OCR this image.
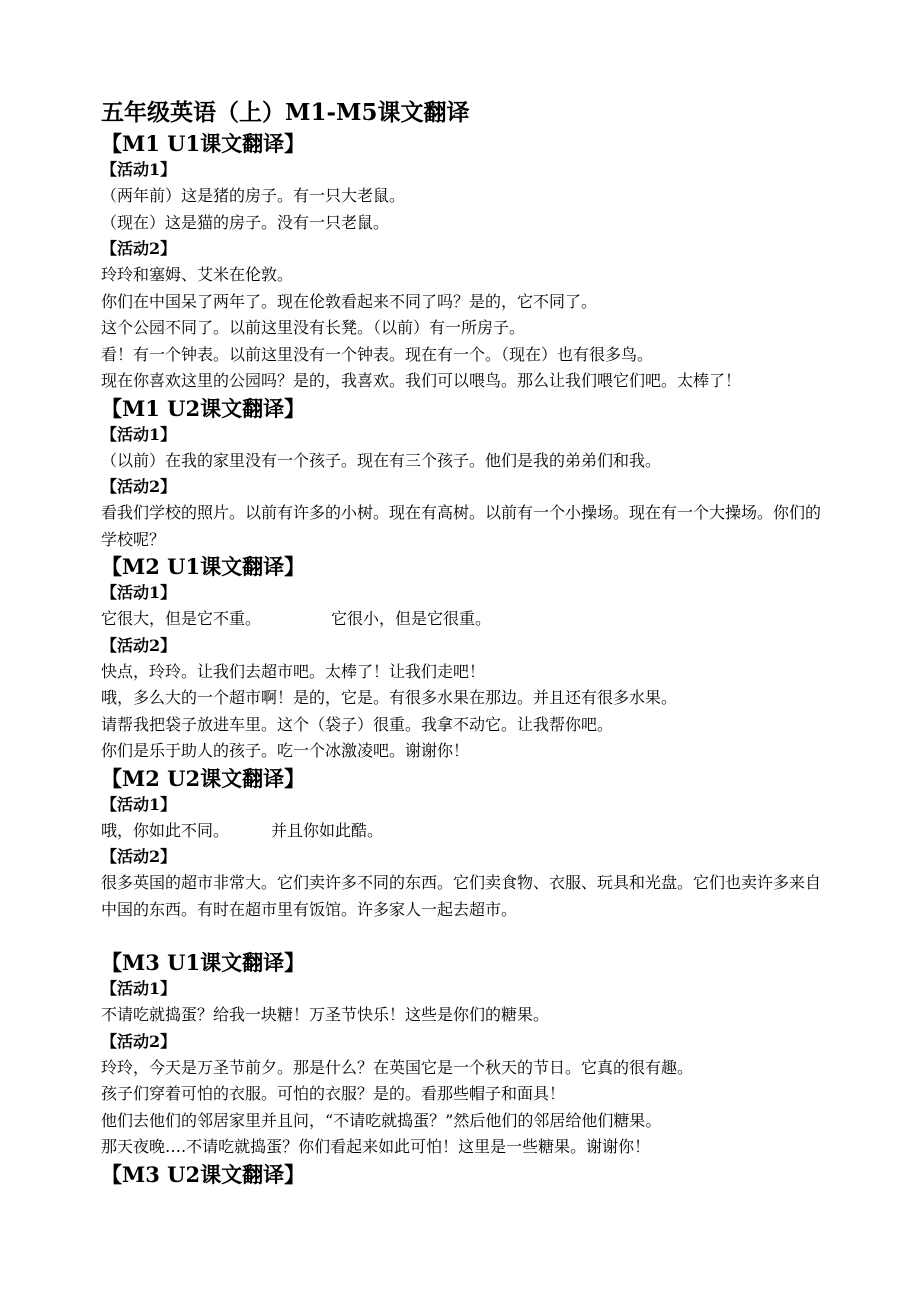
五年级英语（上）M1-M5课文翻译
【M1 U1课文翻译】
【活动1】
（两年前）这是猪的房子。有一只大老鼠。
（现在）这是猫的房子。没有一只老鼠。
【活动2】
玲玲和塞姆、艾米在伦敦。
你们在中国呆了两年了。现在伦敦看起来不同了吗？是的，它不同了。
这个公园不同了。以前这里没有长凳。（以前）有一所房子。
看！有一个钟表。以前这里没有一个钟表。现在有一个。（现在）也有很多鸟。
现在你喜欢这里的公园吗？是的，我喜欢。我们可以喂鸟。那么让我们喂它们吧。太棒了！
【M1 U2课文翻译】
【活动1】
（以前）在我的家里没有一个孩子。现在有三个孩子。他们是我的弟弟们和我。
【活动2】
看我们学校的照片。以前有许多的小树。现在有高树。以前有一个小操场。现在有一个大操场。你们的学校呢？
【M2 U1课文翻译】
【活动1】
它很大，但是它不重。	它很小，但是它很重。
【活动2】
快点，玲玲。让我们去超市吧。太棒了！让我们走吧！
哦，多么大的一个超市啊！是的，它是。有很多水果在那边。并且还有很多水果。
请帮我把袋子放进车里。这个（袋子）很重。我拿不动它。让我帮你吧。
你们是乐于助人的孩子。吃一个冰激凌吧。谢谢你！
【M2 U2课文翻译】
【活动1】
哦，你如此不同。	并且你如此酷。
【活动2】
很多英国的超市非常大。它们卖许多不同的东西。它们卖食物、衣服、玩具和光盘。它们也卖许多来自中国的东西。有时在超市里有饭馆。许多家人一起去超市。
【M3 U1课文翻译】
【活动1】
不请吃就捣蛋？给我一块糖！万圣节快乐！这些是你们的糖果。
【活动2】
玲玲，今天是万圣节前夕。那是什么？在英国它是一个秋天的节日。它真的很有趣。
孩子们穿着可怕的衣服。可怕的衣服？是的。看那些帽子和面具！
他们去他们的邻居家里并且问，“不请吃就捣蛋？”然后他们的邻居给他们糖果。
那天夜晚….不请吃就捣蛋？你们看起来如此可怕！这里是一些糖果。谢谢你！
【M3 U2课文翻译】
